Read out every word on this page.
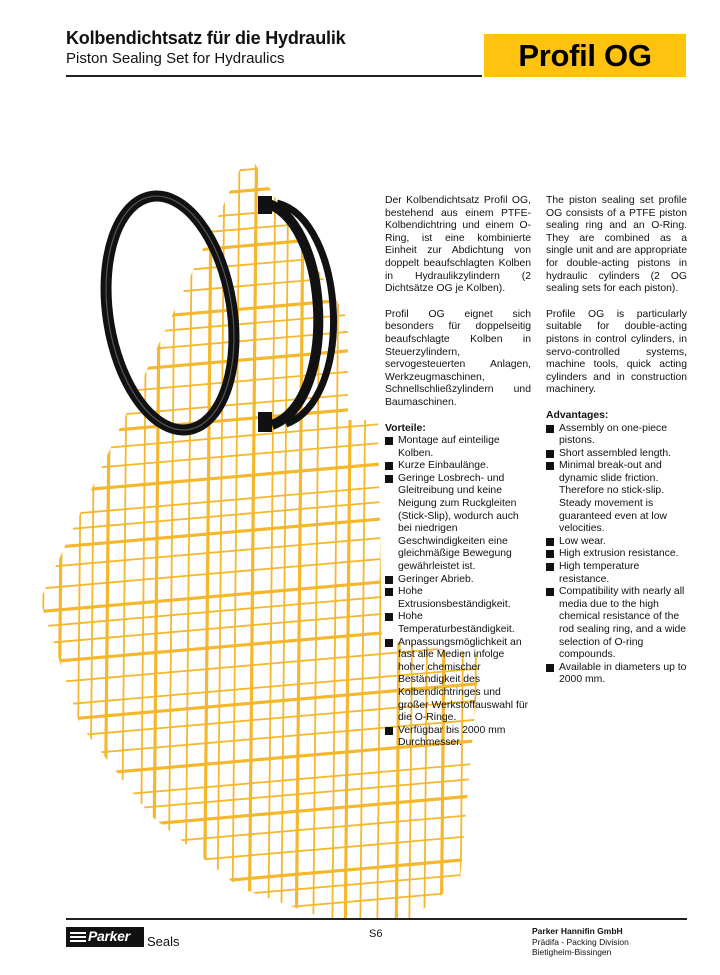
Kolbendichtsatz für die Hydraulik
Piston Sealing Set for Hydraulics	Profil OG

Der Kolbendichtsatz Profil OG, bestehend aus einem PTFE-Kolbendichtring und einem O-Ring, ist eine kombinierte Einheit zur Abdichtung von doppelt beaufschlagten Kolben in Hydraulikzylindern (2 Dichtsätze OG je Kolben).

Profil OG eignet sich besonders für doppelseitig beaufschlagte Kolben in Steuerzylindern, servogesteuerten Anlagen, Werkzeugmaschinen, Schnellschließzylindern und Baumaschinen.

Vorteile:

Montage auf einteilige Kolben.
Kurze Einbaulänge.
Geringe Losbrech- und Gleitreibung und keine Neigung zum Ruckgleiten (Stick-Slip), wodurch auch bei niedrigen Geschwindigkeiten eine gleichmäßige Bewegung gewährleistet ist.
Geringer Abrieb.
Hohe Extrusionsbeständigkeit.
Hohe Temperaturbeständigkeit.
Anpassungsmöglichkeit an fast alle Medien infolge hoher chemischer Beständigkeit des Kolbendichtringes und großer Werkstoffauswahl für die O-Ringe.
Verfügbar bis 2000 mm Durchmesser.

The piston sealing set profile OG consists of a PTFE piston sealing ring and an O-Ring. They are combined as a single unit and are appropriate for double-acting pistons in hydraulic cylinders (2 OG sealing sets for each piston).

Profile OG is particularly suitable for double-acting pistons in control cylinders, in servo-controlled systems, machine tools, quick acting cylinders and in construction machinery.

Advantages:

Assembly on one-piece pistons.
Short assembled length.
Minimal break-out and dynamic slide friction. Therefore no stick-slip. Steady movement is guaranteed even at low velocities.
Low wear.
High extrusion resistance.
High temperature resistance.
Compatibility with nearly all media due to the high chemical resistance of the rod sealing ring, and a wide selection of O-ring compounds.
Available in diameters up to 2000 mm.
Parker Seals	S6	Parker Hannifin GmbH
Prädifa - Packing Division
Bietigheim-Bissingen
